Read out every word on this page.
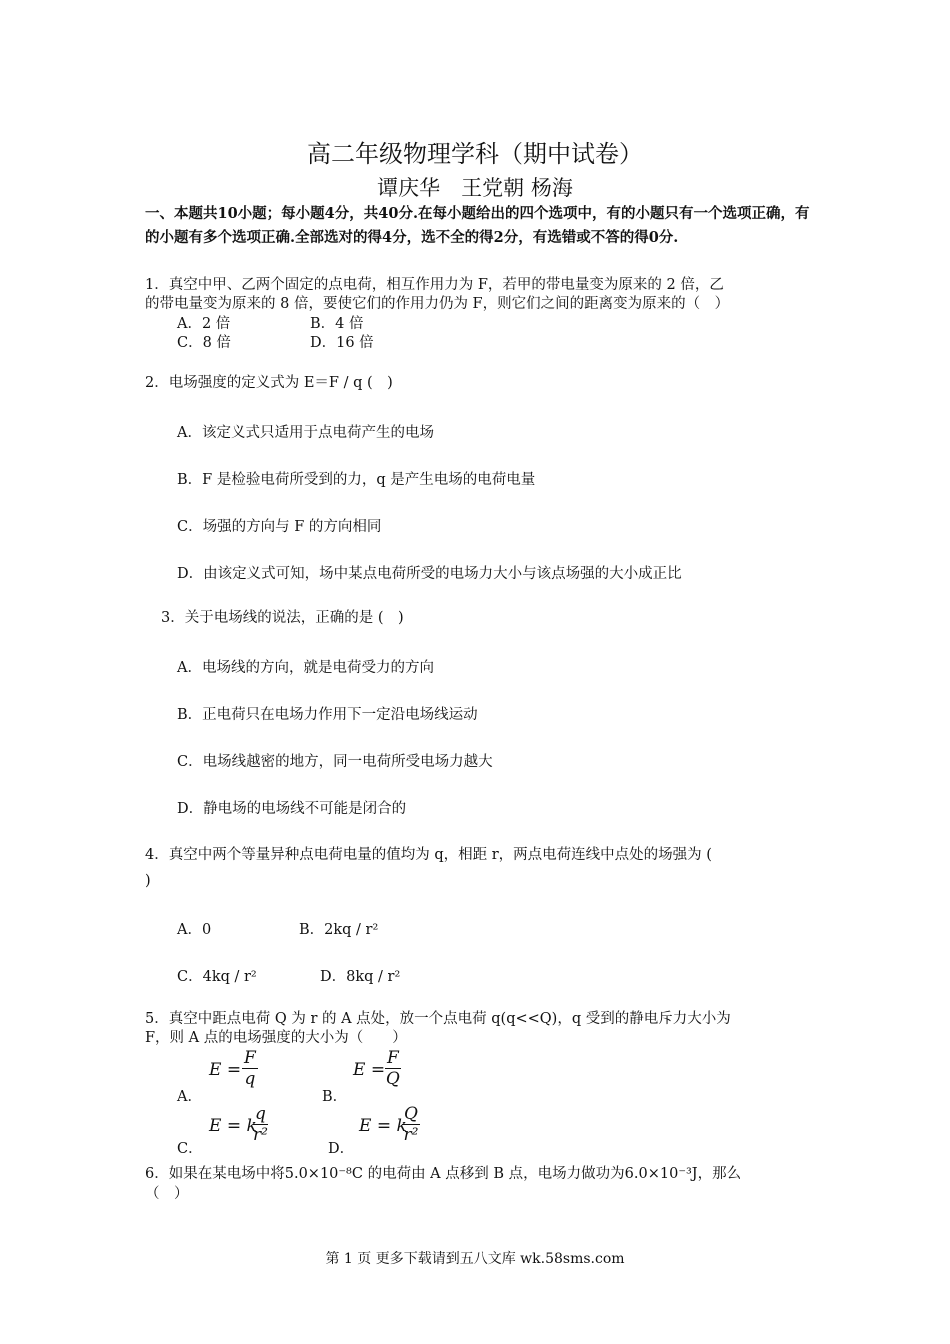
高二年级物理学科（期中试卷）
谭庆华　王党朝 杨海
一、本题共10小题；每小题4分，共40分.在每小题给出的四个选项中，有的小题只有一个选项正确，有的小题有多个选项正确.全部选对的得4分，选不全的得2分，有选错或不答的得0分.
1．真空中甲、乙两个固定的点电荷，相互作用力为 F，若甲的带电量变为原来的 2 倍，乙
的带电量变为原来的 8 倍，要使它们的作用力仍为 F，则它们之间的距离变为原来的（　）
A．2 倍	B．4 倍
C．8 倍	D．16 倍
2．电场强度的定义式为 E＝F / q (　)
A．该定义式只适用于点电荷产生的电场
B．F 是检验电荷所受到的力，q 是产生电场的电荷电量
C．场强的方向与 F 的方向相同
D．由该定义式可知，场中某点电荷所受的电场力大小与该点场强的大小成正比
3．关于电场线的说法，正确的是 (　)
A．电场线的方向，就是电荷受力的方向
B．正电荷只在电场力作用下一定沿电场线运动
C．电场线越密的地方，同一电荷所受电场力越大
D．静电场的电场线不可能是闭合的
4．真空中两个等量异种点电荷电量的值均为 q，相距 r，两点电荷连线中点处的场强为 (
)
A．0	B．2kq / r²
C．4kq / r²	D．8kq / r²
5．真空中距点电荷 Q 为 r 的 A 点处，放一个点电荷 q(q<<Q)，q 受到的静电斥力大小为
F，则 A 点的电场强度的大小为（　　）
A．
$E = \frac{F}{q}$
B．
$E = \frac{F}{Q}$
C．
E = k
$\frac{q}{\text{r²}}$
D．
E = k
$\frac{Q}{\text{r²}}$
6．如果在某电场中将5.0×10⁻⁸C 的电荷由 A 点移到 B 点，电场力做功为6.0×10⁻³J，那么
（　）
第 1 页 更多下载请到五八文库 wk.58sms.com
